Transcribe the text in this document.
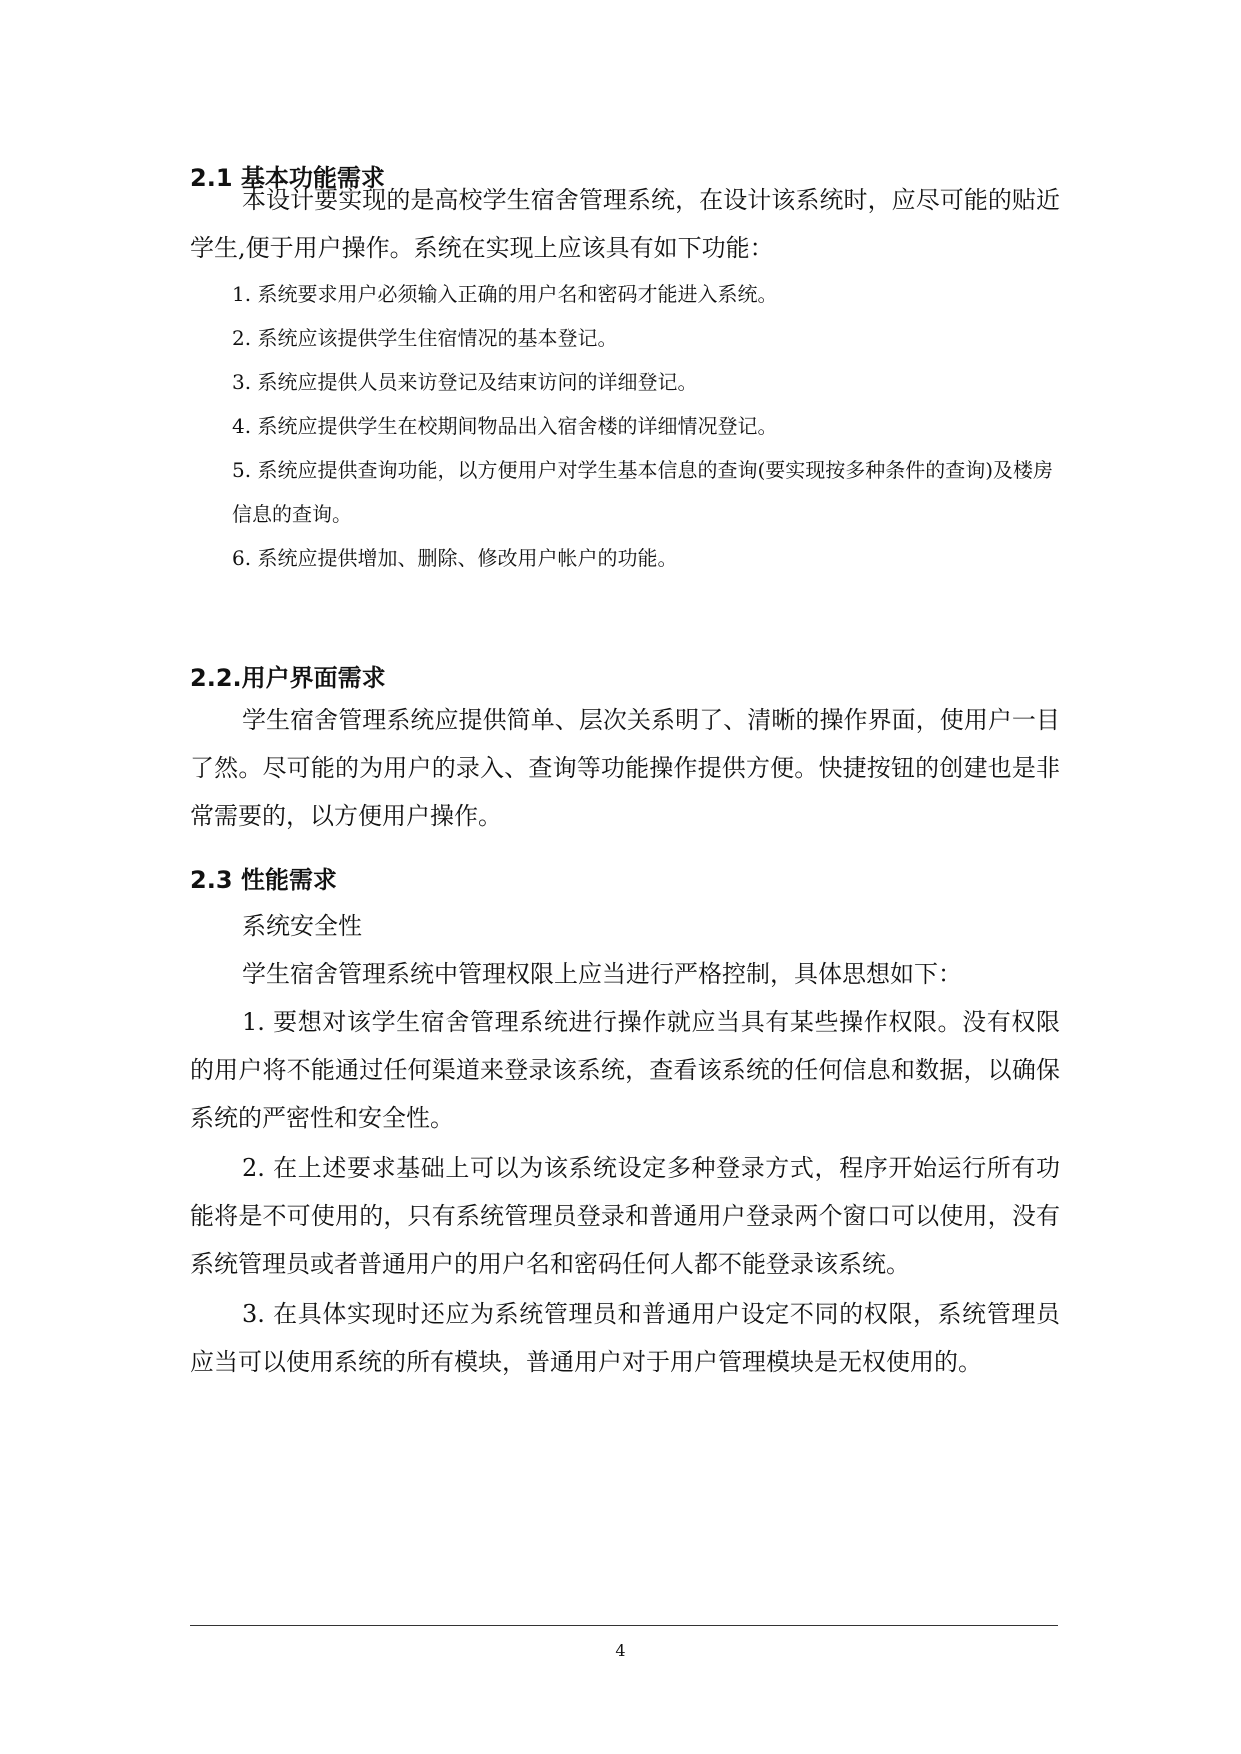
2.1 基本功能需求

本设计要实现的是高校学生宿舍管理系统，在设计该系统时，应尽可能的贴近学生,便于用户操作。系统在实现上应该具有如下功能：

1. 系统要求用户必须输入正确的用户名和密码才能进入系统。
2. 系统应该提供学生住宿情况的基本登记。
3. 系统应提供人员来访登记及结束访问的详细登记。
4. 系统应提供学生在校期间物品出入宿舍楼的详细情况登记。
5. 系统应提供查询功能，以方便用户对学生基本信息的查询(要实现按多种条件的查询)及楼房信息的查询。
6. 系统应提供增加、删除、修改用户帐户的功能。
2.2.用户界面需求

学生宿舍管理系统应提供简单、层次关系明了、清晰的操作界面，使用户一目了然。尽可能的为用户的录入、查询等功能操作提供方便。快捷按钮的创建也是非常需要的，以方便用户操作。

2.3 性能需求
系统安全性
学生宿舍管理系统中管理权限上应当进行严格控制，具体思想如下：

1. 要想对该学生宿舍管理系统进行操作就应当具有某些操作权限。没有权限的用户将不能通过任何渠道来登录该系统，查看该系统的任何信息和数据，以确保系统的严密性和安全性。

2. 在上述要求基础上可以为该系统设定多种登录方式，程序开始运行所有功能将是不可使用的，只有系统管理员登录和普通用户登录两个窗口可以使用，没有系统管理员或者普通用户的用户名和密码任何人都不能登录该系统。

3. 在具体实现时还应为系统管理员和普通用户设定不同的权限，系统管理员应当可以使用系统的所有模块，普通用户对于用户管理模块是无权使用的。

4
